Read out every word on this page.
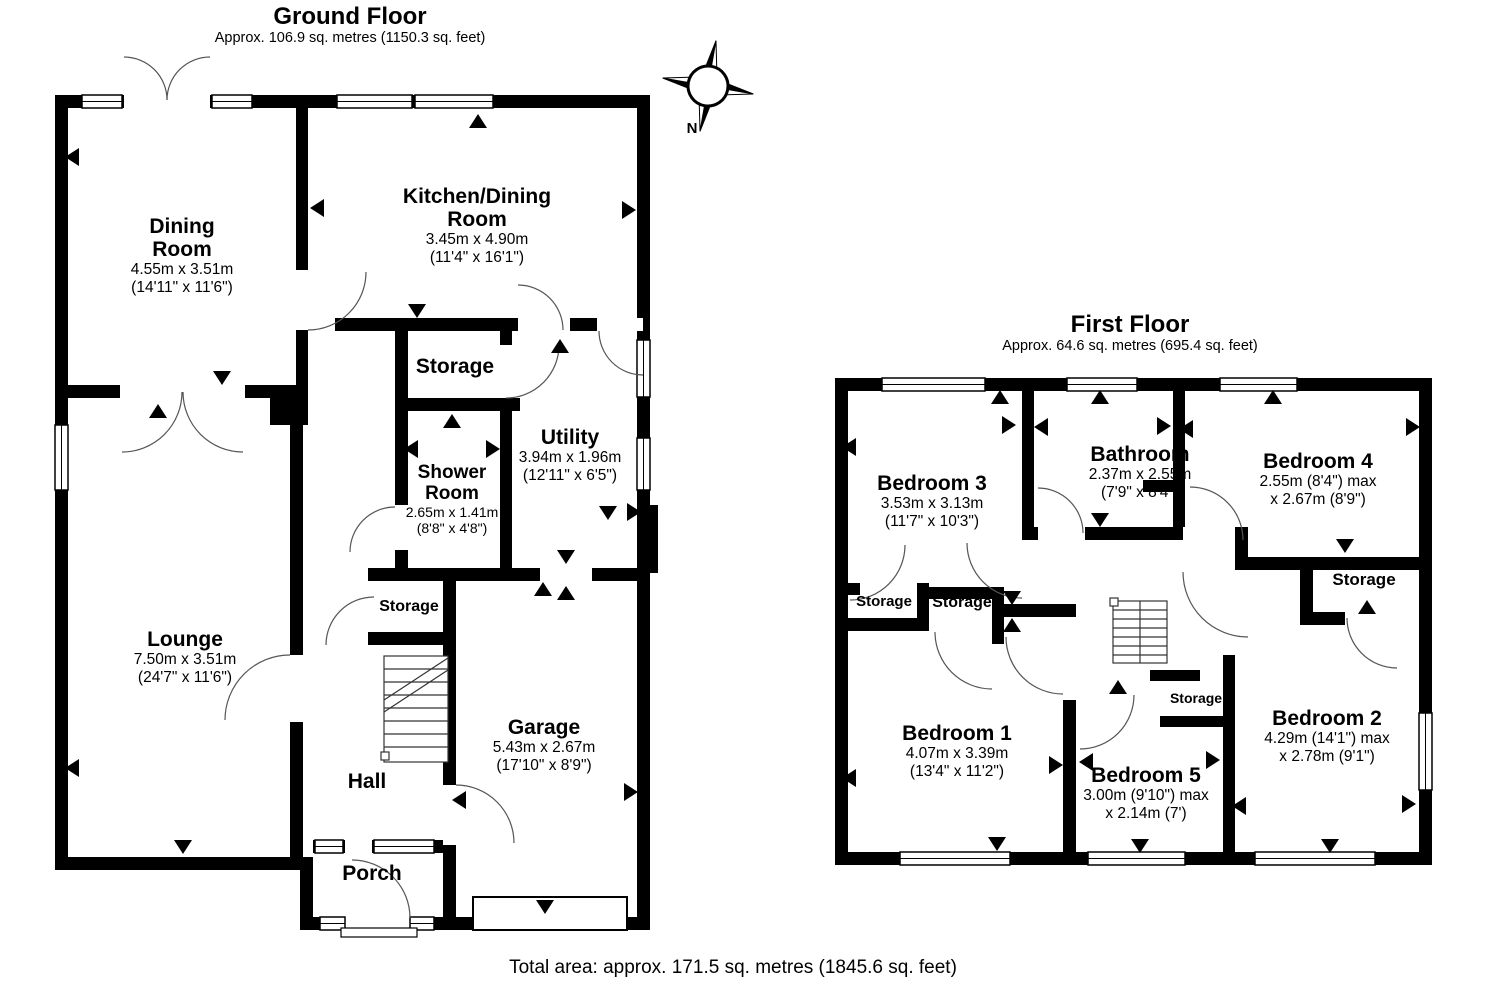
Ground Floor
Approx. 106.9 sq. metres (1150.3 sq. feet)
First Floor
Approx. 64.6 sq. metres (695.4 sq. feet)
Dining
Room
4.55m x 3.51m
(14'11" x 11'6")
Kitchen/Dining
Room
3.45m x 4.90m
(11'4" x 16'1")
Storage
Utility
3.94m x 1.96m
(12'11" x 6'5")
Shower
Room
2.65m x 1.41m
(8'8" x 4'8")
Lounge
7.50m x 3.51m
(24'7" x 11'6")
Storage
Garage
5.43m x 2.67m
(17'10" x 8'9")
Hall
Porch
Bedroom 3
3.53m x 3.13m
(11'7" x 10'3")
Bathroom
2.37m x 2.55m
(7'9" x 8'4")
Bedroom 4
2.55m (8'4") max
x 2.67m (8'9")
Storage Storage
Storage
Storage
Bedroom 1
4.07m x 3.39m
(13'4" x 11'2")	Bedroom 5
3.00m (9'10") max
x 2.14m (7')
Bedroom 2
4.29m (14'1") max
x 2.78m (9'1")
N
Total area: approx. 171.5 sq. metres (1845.6 sq. feet)
